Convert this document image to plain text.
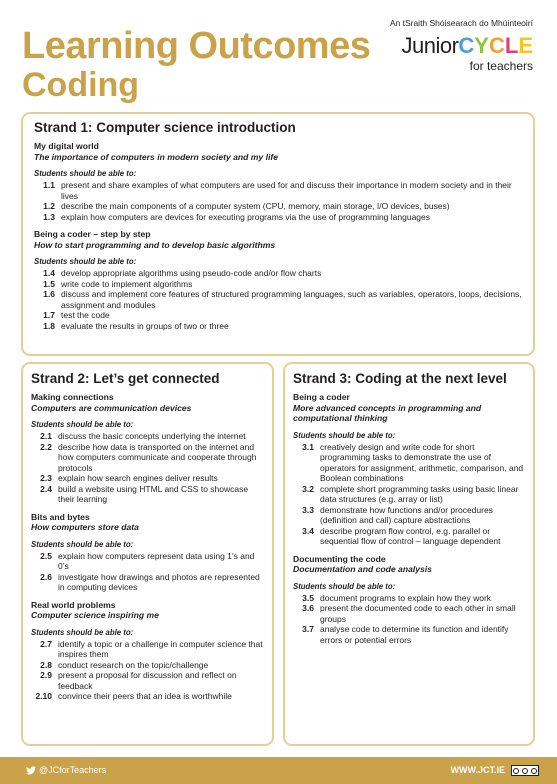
Learning Outcomes
Coding
An tSraith Shóisearach do Mhúinteoirí
JuniorCYCLE
for teachers
Strand 1: Computer science introduction
My digital world
The importance of computers in modern society and my life
Students should be able to:
1.1 present and share examples of what computers are used for and discuss their importance in modern society and in their lives
1.2 describe the main components of a computer system (CPU, memory, main storage, I/O devices, buses)
1.3 explain how computers are devices for executing programs via the use of programming languages
Being a coder – step by step
How to start programming and to develop basic algorithms
Students should be able to:
1.4 develop appropriate algorithms using pseudo-code and/or flow charts
1.5 write code to implement algorithms
1.6 discuss and implement core features of structured programming languages, such as variables, operators, loops, decisions, assignment and modules
1.7 test the code
1.8 evaluate the results in groups of two or three
Strand 2: Let’s get connected
Making connections
Computers are communication devices
Students should be able to:
2.1 discuss the basic concepts underlying the internet
2.2 describe how data is transported on the internet and how computers communicate and cooperate through protocols
2.3 explain how search engines deliver results
2.4 build a website using HTML and CSS to showcase their learning
Bits and bytes
How computers store data
Students should be able to:
2.5 explain how computers represent data using 1’s and 0’s
2.6 investigate how drawings and photos are represented in computing devices
Real world problems
Computer science inspiring me
Students should be able to:
2.7 identify a topic or a challenge in computer science that inspires them
2.8 conduct research on the topic/challenge
2.9 present a proposal for discussion and reflect on feedback
2.10 convince their peers that an idea is worthwhile
Strand 3: Coding at the next level
Being a coder
More advanced concepts in programming and computational thinking
Students should be able to:
3.1 creatively design and write code for short programming tasks to demonstrate the use of operators for assignment, arithmetic, comparison, and Boolean combinations
3.2 complete short programming tasks using basic linear data structures (e.g. array or list)
3.3 demonstrate how functions and/or procedures (definition and call) capture abstractions
3.4 describe program flow control, e.g. parallel or sequential flow of control – language dependent
Documenting the code
Documentation and code analysis
Students should be able to:
3.5 document programs to explain how they work
3.6 present the documented code to each other in small groups
3.7 analyse code to determine its function and identify errors or potential errors
@JCforTeachers	WWW.JCT.IE
